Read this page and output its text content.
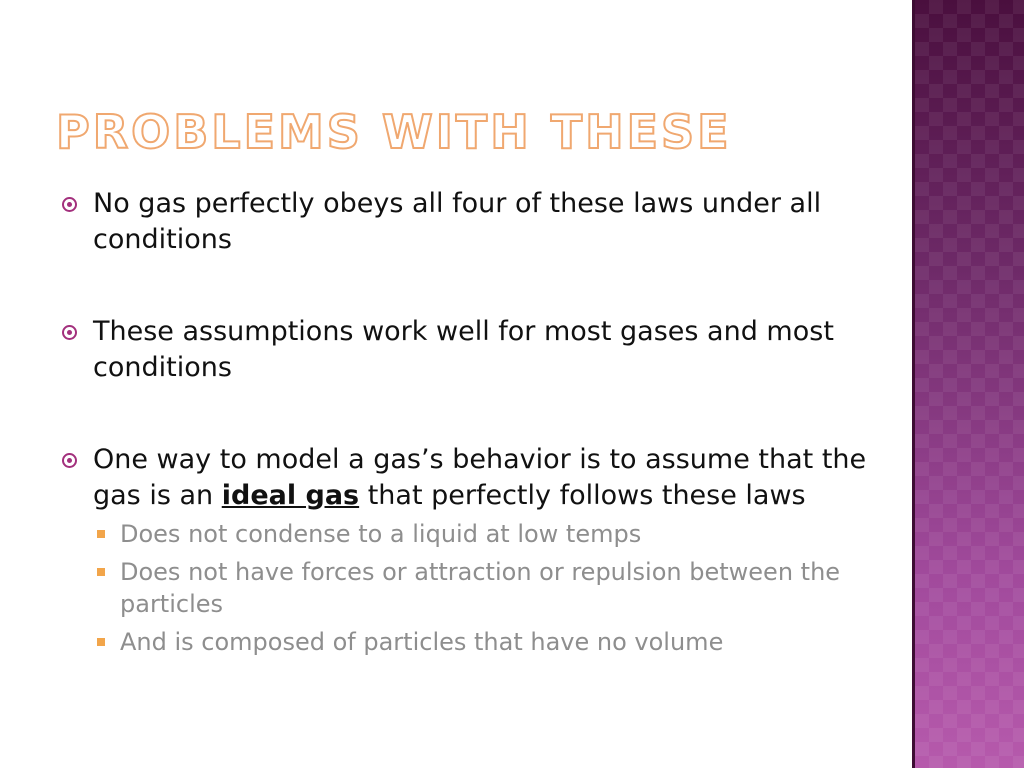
PROBLEMS WITH THESE
No gas perfectly obeys all four of these laws under all conditions
These assumptions work well for most gases and most conditions
One way to model a gas’s behavior is to assume that the gas is an ideal gas that perfectly follows these laws
Does not condense to a liquid at low temps
Does not have forces or attraction or repulsion between the particles
And is composed of particles that have no volume
